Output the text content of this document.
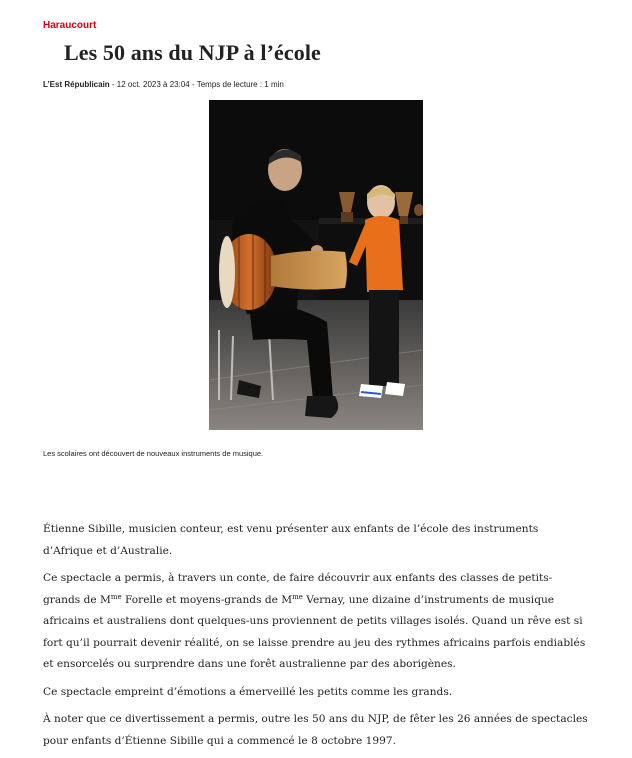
Haraucourt
Les 50 ans du NJP à l’école
L’Est Républicain - 12 oct. 2023 à 23:04 - Temps de lecture : 1 min
Les scolaires ont découvert de nouveaux instruments de musique.

Étienne Sibille, musicien conteur, est venu présenter aux enfants de l’école des instruments d’Afrique et d’Australie.

Ce spectacle a permis, à travers un conte, de faire découvrir aux enfants des classes de petits-grands de $M^{me}$ Forelle et moyens-grands de $M^{me}$ Vernay, une dizaine d’instruments de musique africains et australiens dont quelques-uns proviennent de petits villages isolés. Quand un rêve est si fort qu’il pourrait devenir réalité, on se laisse prendre au jeu des rythmes africains parfois endiablés et ensorcelés ou surprendre dans une forêt australienne par des aborigènes.

Ce spectacle empreint d’émotions a émerveillé les petits comme les grands.

À noter que ce divertissement a permis, outre les 50 ans du NJP, de fêter les 26 années de spectacles pour enfants d’Étienne Sibille qui a commencé le 8 octobre 1997.
